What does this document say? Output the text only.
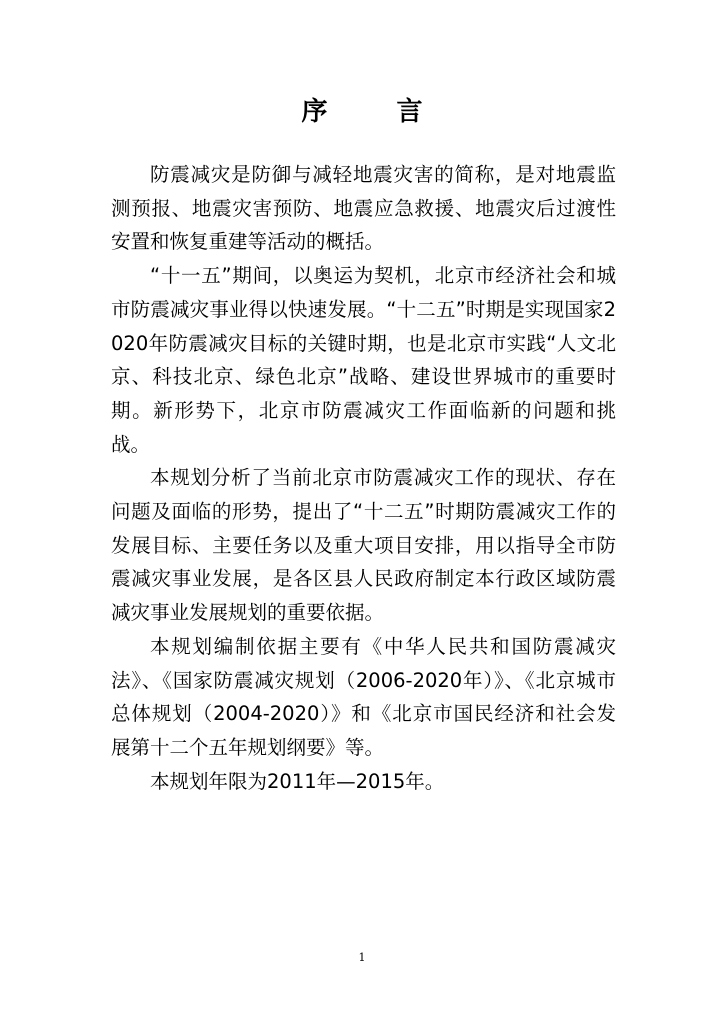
序 言

防震减灾是防御与减轻地震灾害的简称，是对地震监测预报、地震灾害预防、地震应急救援、地震灾后过渡性安置和恢复重建等活动的概括。

“十一五”期间，以奥运为契机，北京市经济社会和城市防震减灾事业得以快速发展。“十二五”时期是实现国家2020年防震减灾目标的关键时期，也是北京市实践“人文北京、科技北京、绿色北京”战略、建设世界城市的重要时期。新形势下，北京市防震减灾工作面临新的问题和挑战。

本规划分析了当前北京市防震减灾工作的现状、存在问题及面临的形势，提出了“十二五”时期防震减灾工作的发展目标、主要任务以及重大项目安排，用以指导全市防震减灾事业发展，是各区县人民政府制定本行政区域防震减灾事业发展规划的重要依据。

本规划编制依据主要有《中华人民共和国防震减灾法》、《国家防震减灾规划（2006-2020年）》、《北京城市总体规划（2004-2020）》和《北京市国民经济和社会发展第十二个五年规划纲要》等。

本规划年限为2011年—2015年。

1
